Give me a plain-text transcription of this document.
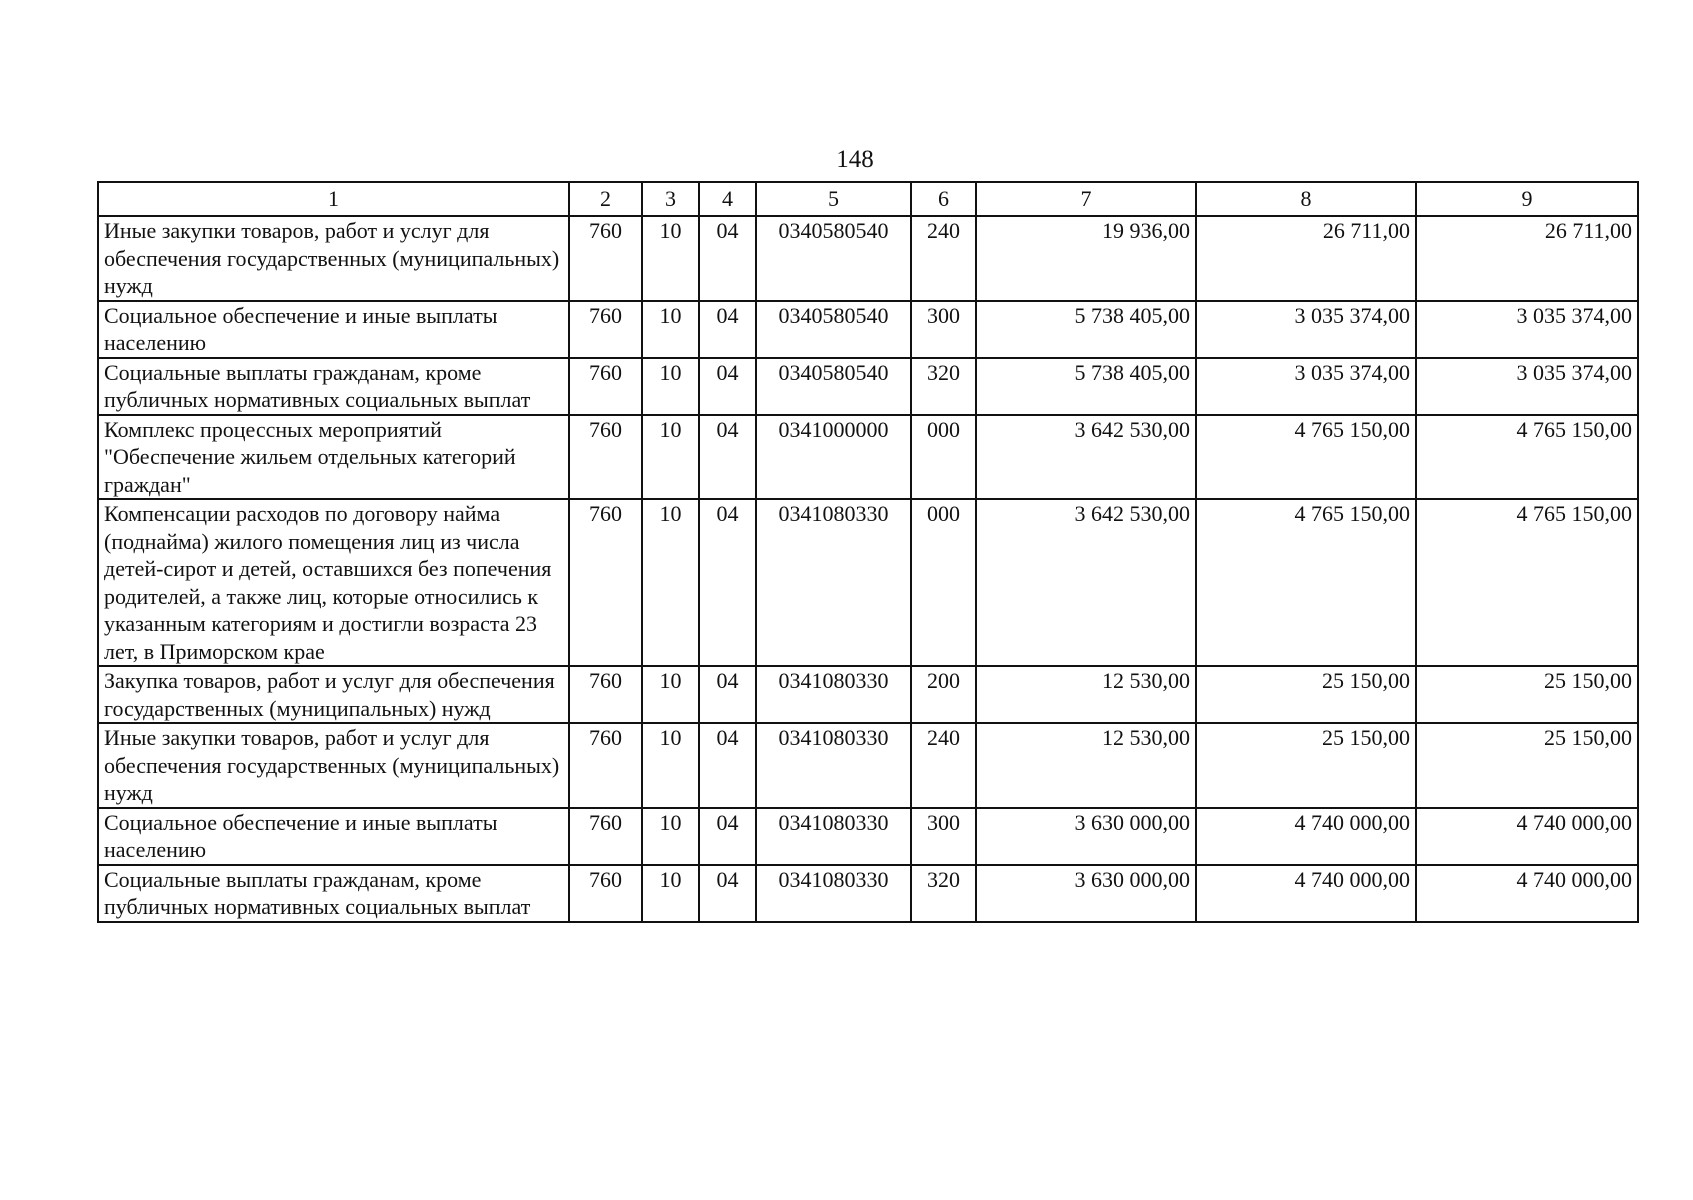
148
1	2	3	4	5	6	7	8	9
Иные закупки товаров, работ и услуг для обеспечения государственных (муниципальных) нужд	760	10	04	0340580540	240	19 936,00	26 711,00	26 711,00
Социальное обеспечение и иные выплаты населению	760	10	04	0340580540	300	5 738 405,00	3 035 374,00	3 035 374,00
Социальные выплаты гражданам, кроме публичных нормативных социальных выплат	760	10	04	0340580540	320	5 738 405,00	3 035 374,00	3 035 374,00
Комплекс процессных мероприятий "Обеспечение жильем отдельных категорий граждан"	760	10	04	0341000000	000	3 642 530,00	4 765 150,00	4 765 150,00
Компенсации расходов по договору найма (поднайма) жилого помещения лиц из числа детей-сирот и детей, оставшихся без попечения родителей, а также лиц, которые относились к указанным категориям и достигли возраста 23 лет, в Приморском крае	760	10	04	0341080330	000	3 642 530,00	4 765 150,00	4 765 150,00
Закупка товаров, работ и услуг для обеспечения государственных (муниципальных) нужд	760	10	04	0341080330	200	12 530,00	25 150,00	25 150,00
Иные закупки товаров, работ и услуг для обеспечения государственных (муниципальных) нужд	760	10	04	0341080330	240	12 530,00	25 150,00	25 150,00
Социальное обеспечение и иные выплаты населению	760	10	04	0341080330	300	3 630 000,00	4 740 000,00	4 740 000,00
Социальные выплаты гражданам, кроме публичных нормативных социальных выплат	760	10	04	0341080330	320	3 630 000,00	4 740 000,00	4 740 000,00
